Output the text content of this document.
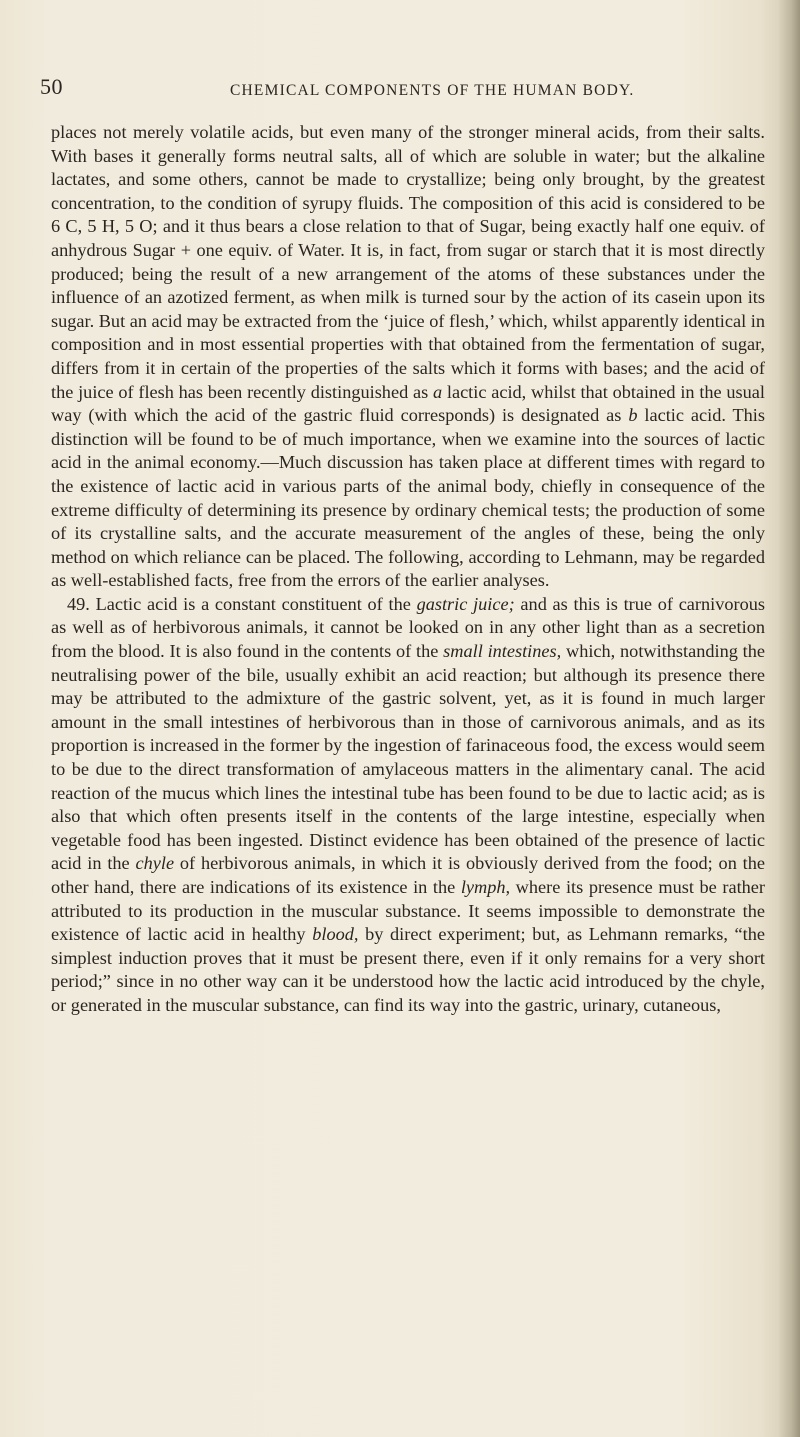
50	CHEMICAL COMPONENTS OF THE HUMAN BODY.

places not merely volatile acids, but even many of the stronger mineral acids, from their salts. With bases it generally forms neutral salts, all of which are soluble in water; but the alkaline lactates, and some others, cannot be made to crystallize; being only brought, by the greatest concentration, to the condition of syrupy fluids. The composition of this acid is considered to be 6 C, 5 H, 5 O; and it thus bears a close relation to that of Sugar, being exactly half one equiv. of anhydrous Sugar + one equiv. of Water. It is, in fact, from sugar or starch that it is most directly produced; being the result of a new arrangement of the atoms of these substances under the influence of an azotized ferment, as when milk is turned sour by the action of its casein upon its sugar. But an acid may be extracted from the ‘juice of flesh,’ which, whilst apparently identical in composition and in most essential properties with that obtained from the fermentation of sugar, differs from it in certain of the properties of the salts which it forms with bases; and the acid of the juice of flesh has been recently distinguished as a lactic acid, whilst that obtained in the usual way (with which the acid of the gastric fluid corresponds) is designated as b lactic acid. This distinction will be found to be of much importance, when we examine into the sources of lactic acid in the animal economy.—Much discussion has taken place at different times with regard to the existence of lactic acid in various parts of the animal body, chiefly in consequence of the extreme difficulty of determining its presence by ordinary chemical tests; the production of some of its crystalline salts, and the accurate measurement of the angles of these, being the only method on which reliance can be placed. The following, according to Lehmann, may be regarded as well-established facts, free from the errors of the earlier analyses.

49. Lactic acid is a constant constituent of the gastric juice; and as this is true of carnivorous as well as of herbivorous animals, it cannot be looked on in any other light than as a secretion from the blood. It is also found in the contents of the small intestines, which, notwithstanding the neutralising power of the bile, usually exhibit an acid reaction; but although its presence there may be attributed to the admixture of the gastric solvent, yet, as it is found in much larger amount in the small intestines of herbivorous than in those of carnivorous animals, and as its proportion is increased in the former by the ingestion of farinaceous food, the excess would seem to be due to the direct transformation of amylaceous matters in the alimentary canal. The acid reaction of the mucus which lines the intestinal tube has been found to be due to lactic acid; as is also that which often presents itself in the contents of the large intestine, especially when vegetable food has been ingested. Distinct evidence has been obtained of the presence of lactic acid in the chyle of herbivorous animals, in which it is obviously derived from the food; on the other hand, there are indications of its existence in the lymph, where its presence must be rather attributed to its production in the muscular substance. It seems impossible to demonstrate the existence of lactic acid in healthy blood, by direct experiment; but, as Lehmann remarks, “the simplest induction proves that it must be present there, even if it only remains for a very short period;” since in no other way can it be understood how the lactic acid introduced by the chyle, or generated in the muscular substance, can find its way into the gastric, urinary, cutaneous,
